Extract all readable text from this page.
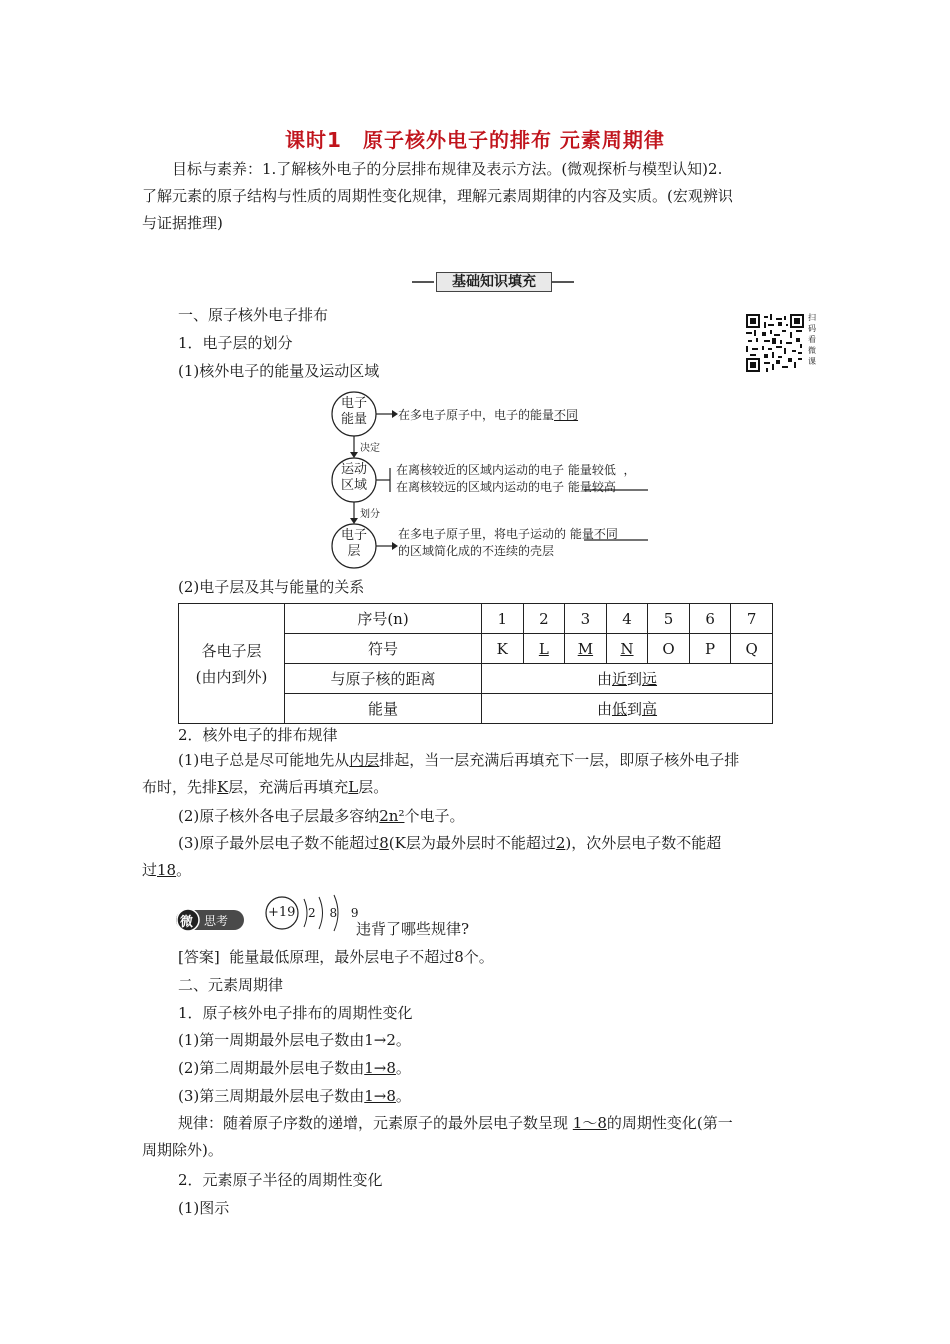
课时1　原子核外电子的排布 元素周期律
目标与素养：1.了解核外电子的分层排布规律及表示方法。(微观探析与模型认知)2.
了解元素的原子结构与性质的周期性变化规律，理解元素周期律的内容及实质。(宏观辨识
与证据推理)
基础知识填充
一、原子核外电子排布
1．电子层的划分
(1)核外电子的能量及运动区域
扫码看微课
电子
能量
运动
区域
电子
层
决定
划分
在多电子原子中，电子的能量不同
在离核较近的区域内运动的电子 能量较低 ，
在离核较远的区域内运动的电子 能量较高
在多电子原子里，将电子运动的 能量不同
的区域简化成的不连续的壳层
(2)电子层及其与能量的关系
各电子层
(由内到外)	序号(n)	1	2	3	4	5	6	7
	符号	K	L	M	N	O	P	Q
	与原子核的距离	由近到远						
	能量	由低到高						
2．核外电子的排布规律
(1)电子总是尽可能地先从内层排起，当一层充满后再填充下一层，即原子核外电子排
布时，先排K层，充满后再填充L层。
(2)原子核外各电子层最多容纳2n²个电子。
(3)原子最外层电子数不能超过8(K层为最外层时不能超过2)，次外层电子数不能超
过18。
微 思考
+19 2 8 9
违背了哪些规律?
[答案] 能量最低原理，最外层电子不超过8个。
二、元素周期律
1．原子核外电子排布的周期性变化
(1)第一周期最外层电子数由1→2。
(2)第二周期最外层电子数由1→8。
(3)第三周期最外层电子数由1→8。
规律：随着原子序数的递增，元素原子的最外层电子数呈现 1～8的周期性变化(第一
周期除外)。
2．元素原子半径的周期性变化
(1)图示
